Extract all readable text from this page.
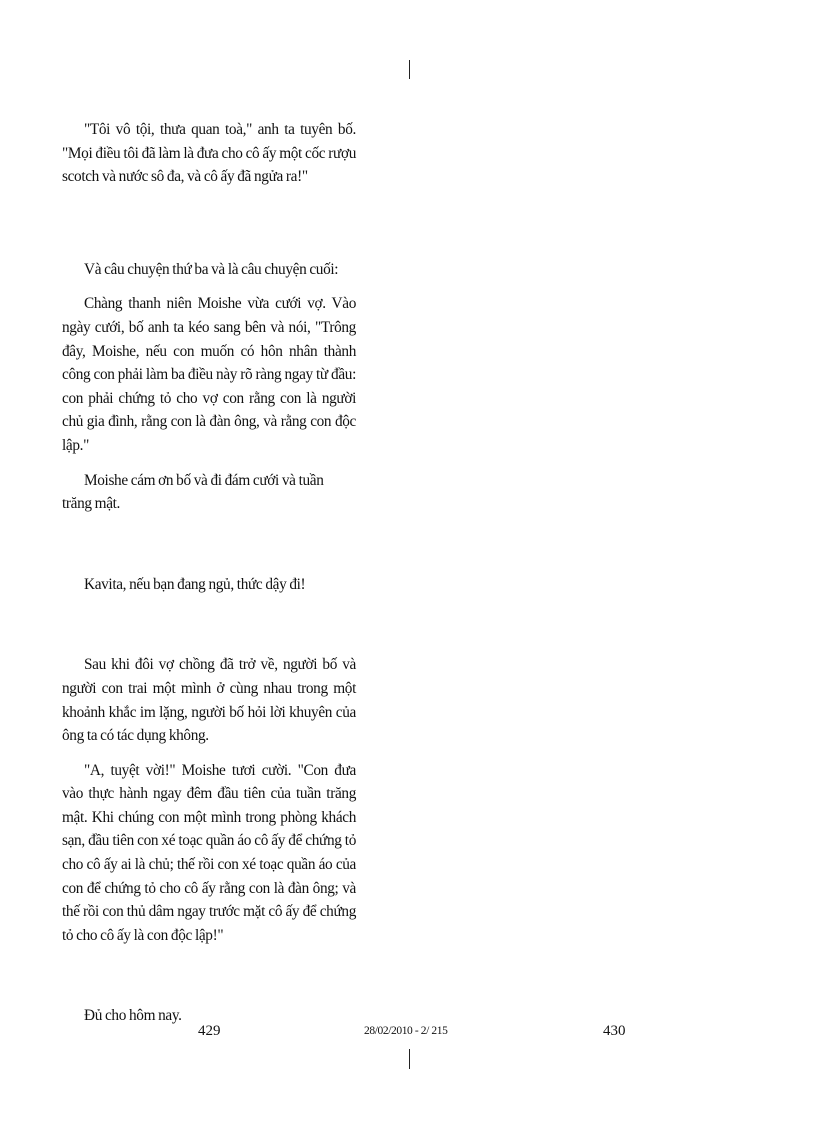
"Tôi vô tội, thưa quan toà," anh ta tuyên bố. "Mọi điều tôi đã làm là đưa cho cô ấy một cốc rượu scotch và nước sô đa, và cô ấy đã ngửa ra!"

Và câu chuyện thứ ba và là câu chuyện cuối:

Chàng thanh niên Moishe vừa cưới vợ. Vào ngày cưới, bố anh ta kéo sang bên và nói, "Trông đây, Moishe, nếu con muốn có hôn nhân thành công con phải làm ba điều này rõ ràng ngay từ đầu: con phải chứng tỏ cho vợ con rằng con là người chủ gia đình, rằng con là đàn ông, và rằng con độc lập."

Moishe cám ơn bố và đi đám cưới và tuần trăng mật.

Kavita, nếu bạn đang ngủ, thức dậy đi!

Sau khi đôi vợ chồng đã trở về, người bố và người con trai một mình ở cùng nhau trong một khoảnh khắc im lặng, người bố hỏi lời khuyên của ông ta có tác dụng không.

"A, tuyệt vời!" Moishe tươi cười. "Con đưa vào thực hành ngay đêm đầu tiên của tuần trăng mật. Khi chúng con một mình trong phòng khách sạn, đầu tiên con xé toạc quần áo cô ấy để chứng tỏ cho cô ấy ai là chủ; thế rồi con xé toạc quần áo của con để chứng tỏ cho cô ấy rằng con là đàn ông; và thế rồi con thủ dâm ngay trước mặt cô ấy để chứng tỏ cho cô ấy là con độc lập!"

Đủ cho hôm nay.

429	28/02/2010 - 2/ 215	430
